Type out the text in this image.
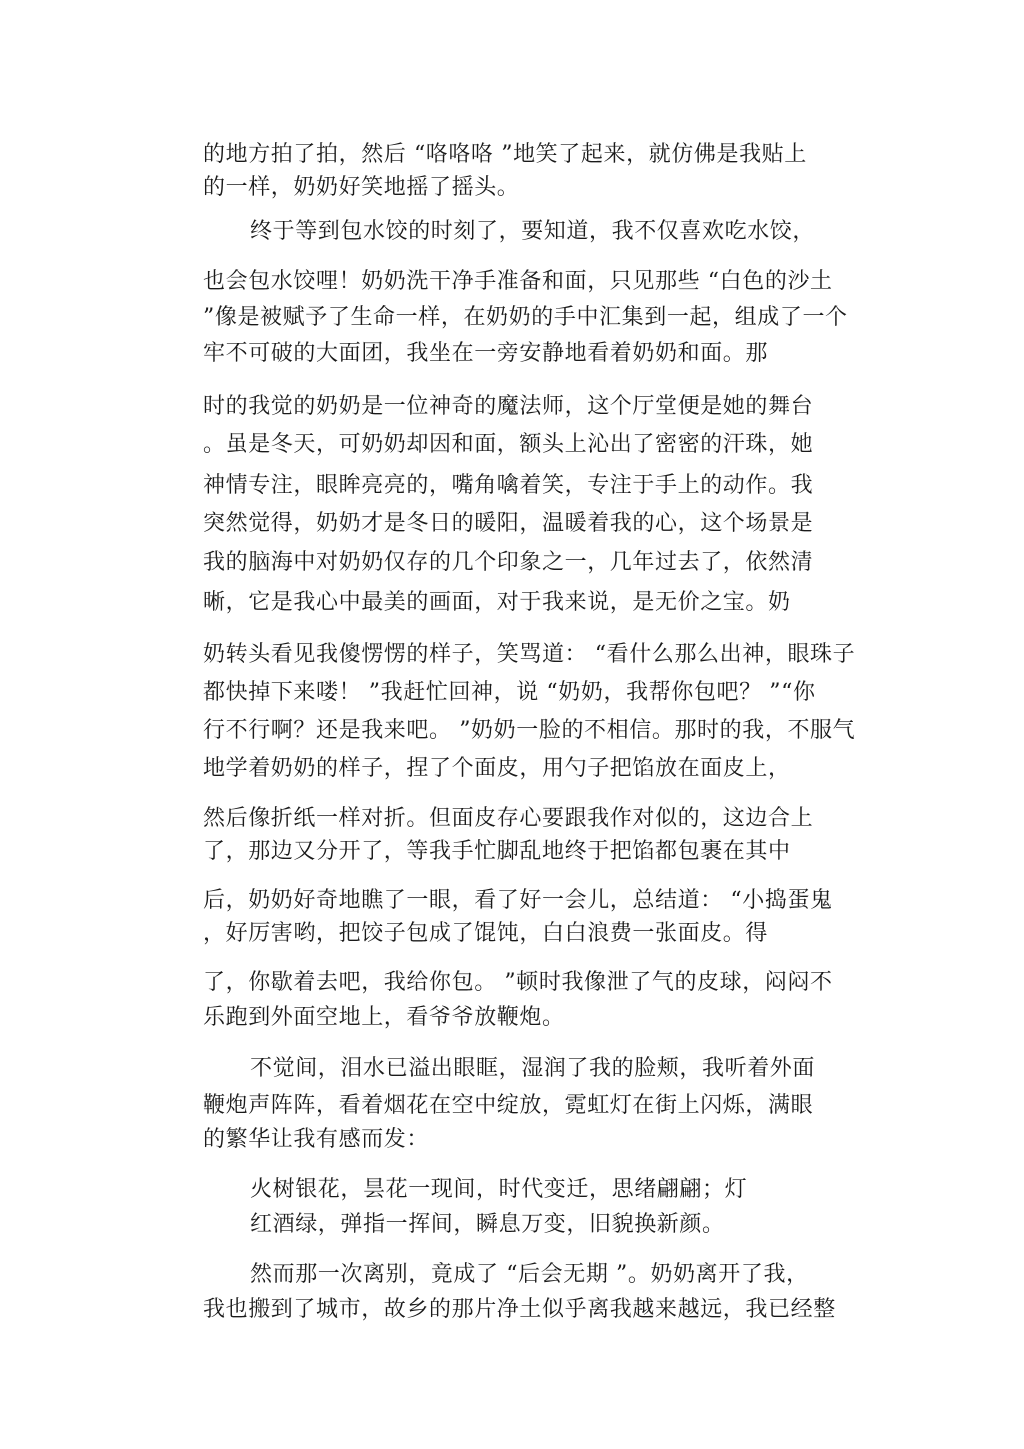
的地方拍了拍，然后 “咯咯咯 ”地笑了起来，就仿佛是我贴上
的一样，奶奶好笑地摇了摇头。
终于等到包水饺的时刻了，要知道，我不仅喜欢吃水饺，
也会包水饺哩！奶奶洗干净手准备和面，只见那些 “白色的沙土
”像是被赋予了生命一样，在奶奶的手中汇集到一起，组成了一个
牢不可破的大面团，我坐在一旁安静地看着奶奶和面。那
时的我觉的奶奶是一位神奇的魔法师，这个厅堂便是她的舞台
。虽是冬天，可奶奶却因和面，额头上沁出了密密的汗珠，她
神情专注，眼眸亮亮的，嘴角噙着笑，专注于手上的动作。我
突然觉得，奶奶才是冬日的暖阳，温暖着我的心，这个场景是
我的脑海中对奶奶仅存的几个印象之一，几年过去了，依然清
晰，它是我心中最美的画面，对于我来说，是无价之宝。奶
奶转头看见我傻愣愣的样子，笑骂道： “看什么那么出神，眼珠子
都快掉下来喽！ ”我赶忙回神，说 “奶奶，我帮你包吧？ ”“你
行不行啊？还是我来吧。 ”奶奶一脸的不相信。那时的我，不服气
地学着奶奶的样子，捏了个面皮，用勺子把馅放在面皮上，
然后像折纸一样对折。但面皮存心要跟我作对似的，这边合上
了，那边又分开了，等我手忙脚乱地终于把馅都包裹在其中
后，奶奶好奇地瞧了一眼，看了好一会儿，总结道： “小捣蛋鬼
，好厉害哟，把饺子包成了馄饨，白白浪费一张面皮。得
了，你歇着去吧，我给你包。 ”顿时我像泄了气的皮球，闷闷不
乐跑到外面空地上，看爷爷放鞭炮。
不觉间，泪水已溢出眼眶，湿润了我的脸颊，我听着外面
鞭炮声阵阵，看着烟花在空中绽放，霓虹灯在街上闪烁，满眼
的繁华让我有感而发：
火树银花，昙花一现间，时代变迁，思绪翩翩；灯
红酒绿，弹指一挥间，瞬息万变，旧貌换新颜。
然而那一次离别，竟成了 “后会无期 ”。奶奶离开了我，
我也搬到了城市，故乡的那片净土似乎离我越来越远，我已经整
